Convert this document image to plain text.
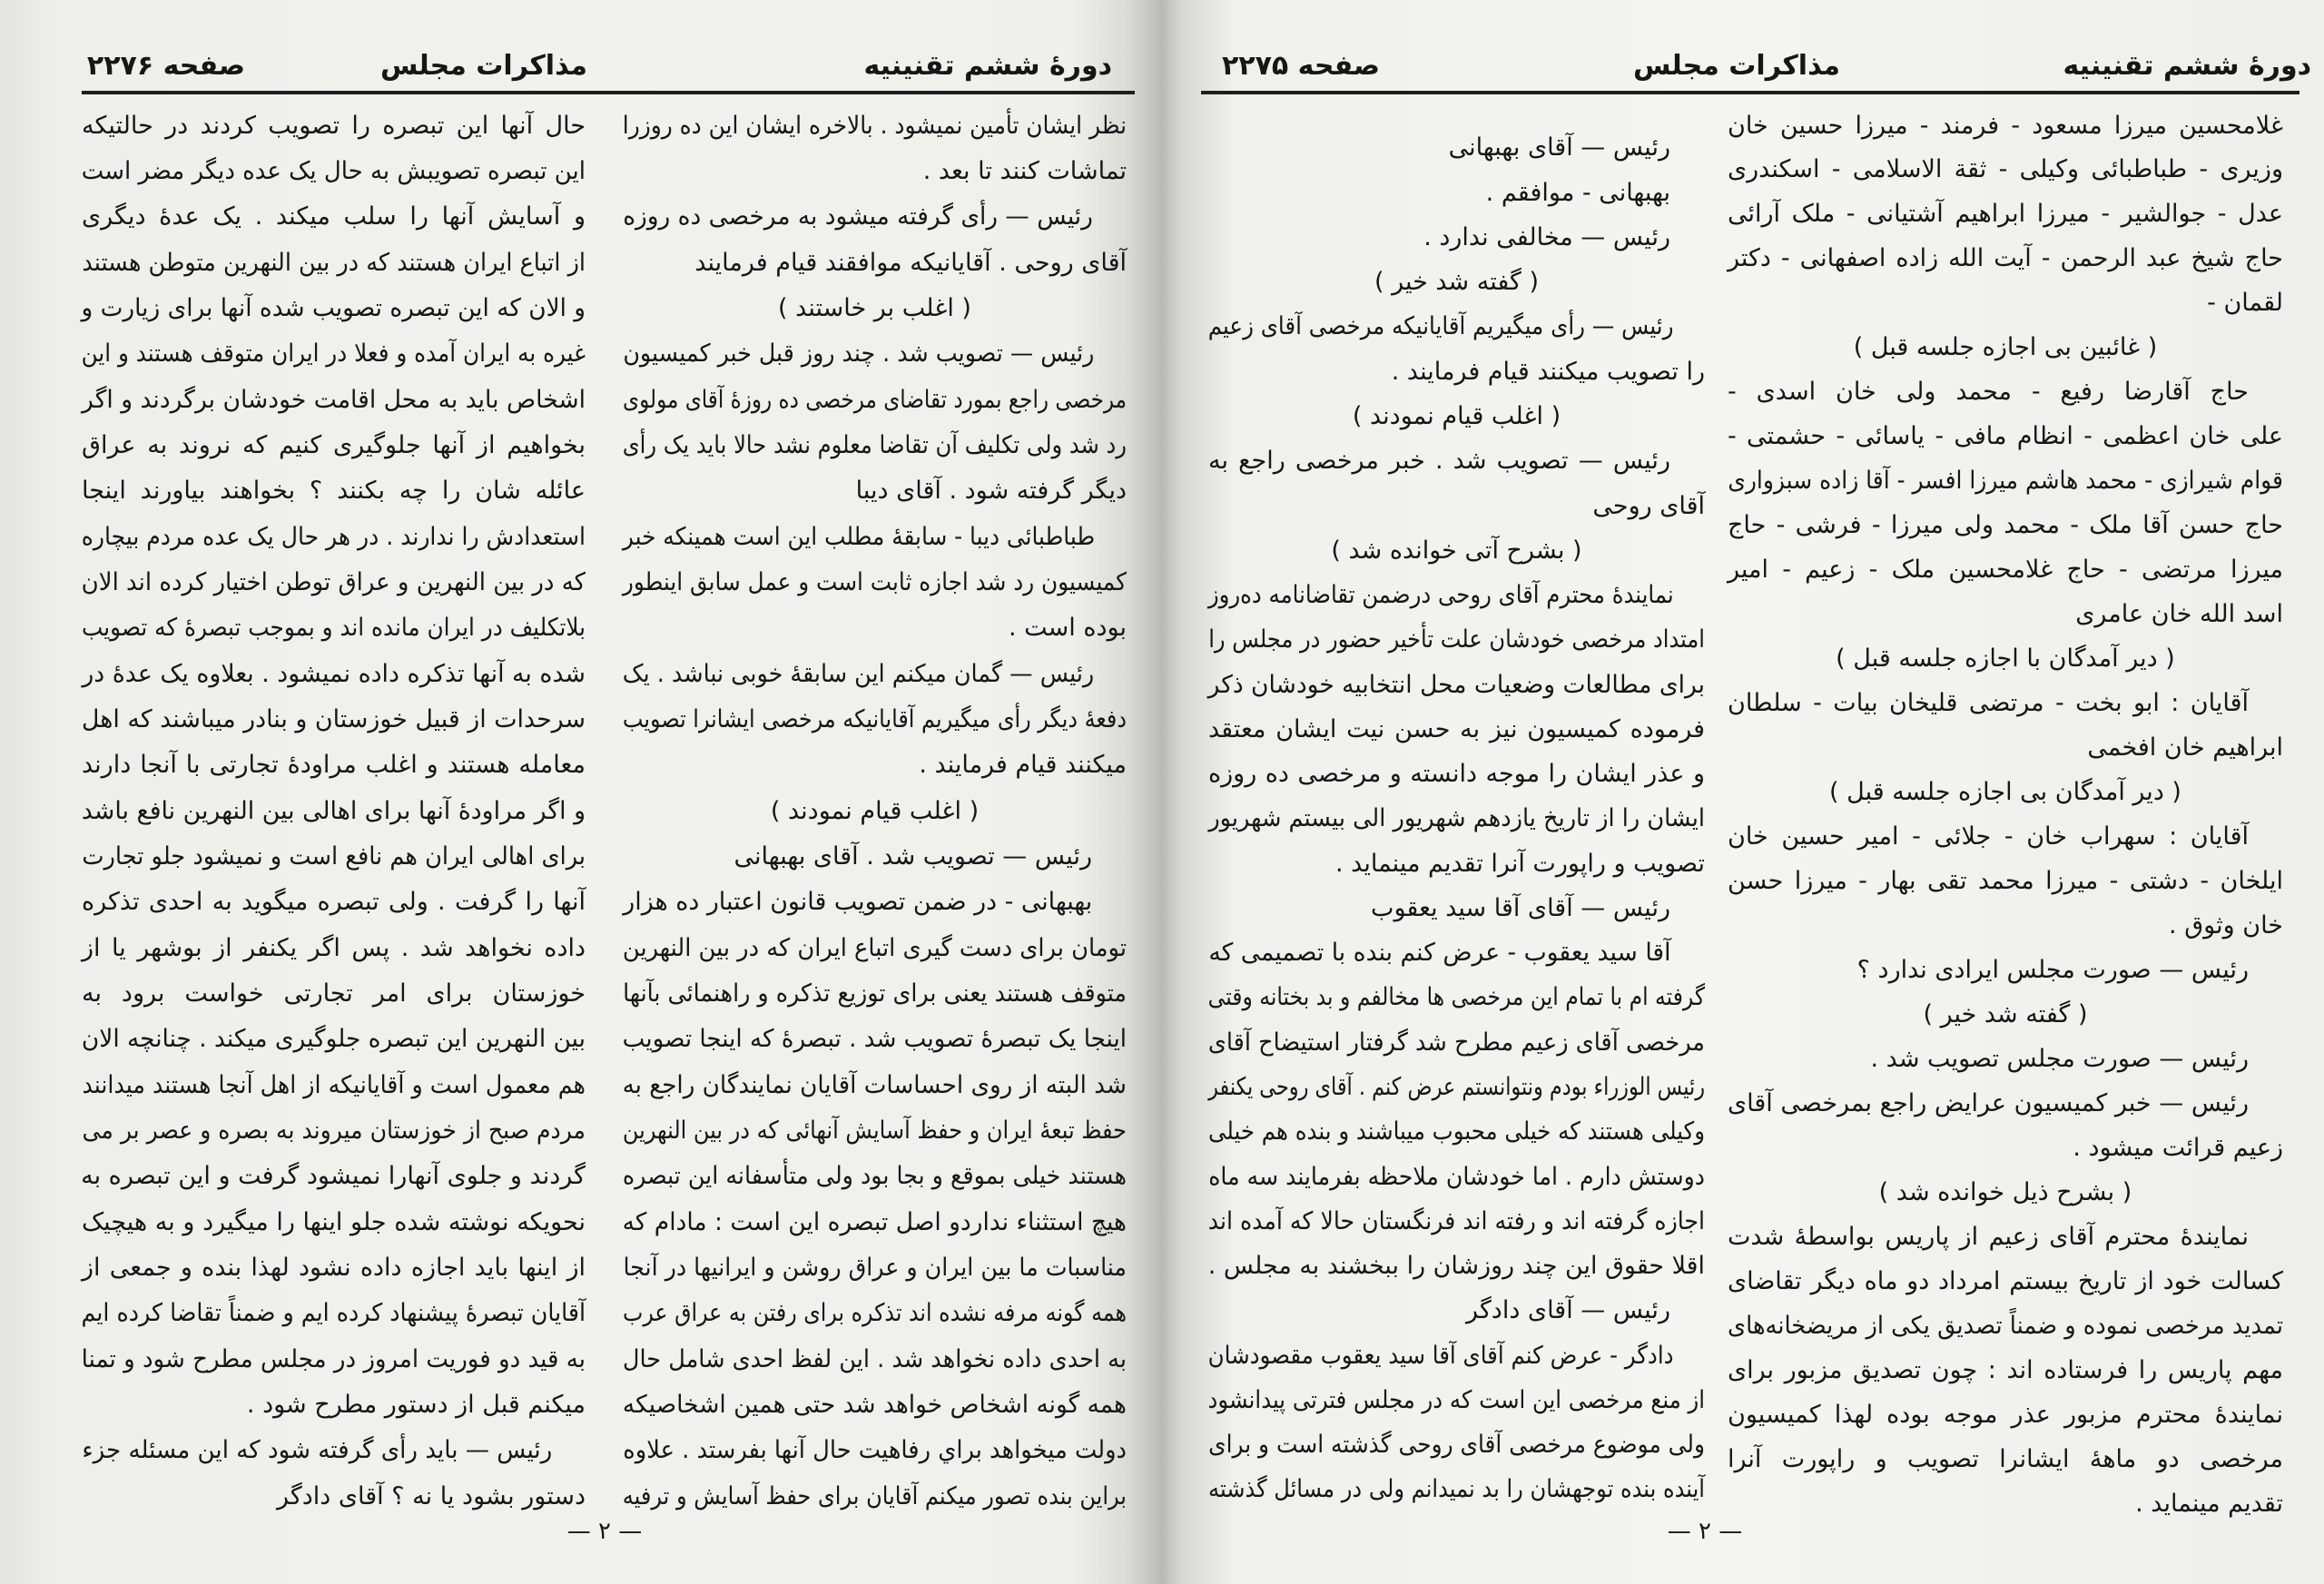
صفحه ۲۲۷۶	مذاکرات مجلس	دورهٔ ششم تقنینیه
نظر ایشان تأمین نمیشود . بالاخره ایشان این ده روزرا
تماشات کنند تا بعد .
رئیس — رأی گرفته میشود به مرخصی ده روزه
آقای روحی . آقایانیکه موافقند قیام فرمایند
( اغلب بر خاستند )
رئیس — تصویب شد . چند روز قبل خبر کمیسیون
مرخصی راجع بمورد تقاضای مرخصی ده روزهٔ آقای مولوی
رد شد ولی تکلیف آن تقاضا معلوم نشد حالا باید یک رأی
دیگر گرفته شود . آقای دیبا
طباطبائی دیبا - سابقهٔ مطلب این است همینکه خبر
کمیسیون رد شد اجازه ثابت است و عمل سابق اینطور
بوده است .
رئیس — گمان میکنم این سابقهٔ خوبی نباشد . یک
دفعهٔ دیگر رأی میگیریم آقایانیکه مرخصی ایشانرا تصویب
میکنند قیام فرمایند .
( اغلب قیام نمودند )
رئیس — تصویب شد . آقای بهبهانی
بهبهانی - در ضمن تصویب قانون اعتبار ده هزار
تومان برای دست گیری اتباع ایران که در بین النهرین
متوقف هستند یعنی برای توزیع تذکره و راهنمائی بآنها
اینجا یک تبصرهٔ تصویب شد . تبصرهٔ که اینجا تصویب
شد البته از روی احساسات آقایان نمایندگان راجع به
حفظ تبعهٔ ایران و حفظ آسایش آنهائی که در بین النهرین
هستند خیلی بموقع و بجا بود ولی متأسفانه این تبصره
هیچ استثناء نداردو اصل تبصره این است : مادام که
مناسبات ما بین ایران و عراق روشن و ایرانیها در آنجا
همه گونه مرفه نشده اند تذکره برای رفتن به عراق عرب
به احدی داده نخواهد شد . این لفظ احدی شامل حال
همه گونه اشخاص خواهد شد حتی همین اشخاصیکه
دولت میخواهد براي رفاهیت حال آنها بفرستد . علاوه
براین بنده تصور میکنم آقایان برای حفظ آسایش و ترفیه
حال آنها این تبصره را تصویب کردند در حالتیکه
این تبصره تصویبش به حال یک عده دیگر مضر است
و آسایش آنها را سلب میکند . یک عدهٔ دیگری
از اتباع ایران هستند که در بین النهرین متوطن هستند
و الان که این تبصره تصویب شده آنها برای زیارت و
غیره به ایران آمده و فعلا در ایران متوقف هستند و این
اشخاص باید به محل اقامت خودشان برگردند و اگر
بخواهیم از آنها جلوگیری کنیم که نروند به عراق
عائله شان را چه بکنند ؟ بخواهند بیاورند اینجا
استعدادش را ندارند . در هر حال یک عده مردم بیچاره
که در بین النهرین و عراق توطن اختیار کرده اند الان
بلاتکلیف در ایران مانده اند و بموجب تبصرهٔ که تصویب
شده به آنها تذکره داده نمیشود . بعلاوه یک عدهٔ در
سرحدات از قبیل خوزستان و بنادر میباشند که اهل
معامله هستند و اغلب مراودهٔ تجارتی با آنجا دارند
و اگر مراودهٔ آنها برای اهالی بین النهرین نافع باشد
برای اهالی ایران هم نافع است و نمیشود جلو تجارت
آنها را گرفت . ولی تبصره میگوید به احدی تذکره
داده نخواهد شد . پس اگر یکنفر از بوشهر یا از
خوزستان برای امر تجارتی خواست برود به
بین النهرین این تبصره جلوگیری میکند . چنانچه الان
هم معمول است و آقایانیکه از اهل آنجا هستند میدانند
مردم صبح از خوزستان میروند به بصره و عصر بر می
گردند و جلوی آنهارا نمیشود گرفت و این تبصره به
نحویکه نوشته شده جلو اینها را میگیرد و به هیچیک
از اینها باید اجازه داده نشود لهذا بنده و جمعی از
آقایان تبصرهٔ پیشنهاد کرده ایم و ضمناً تقاضا کرده ایم
به قید دو فوریت امروز در مجلس مطرح شود و تمنا
میکنم قبل از دستور مطرح شود .
رئیس — باید رأی گرفته شود که این مسئله جزء
دستور بشود یا نه ؟ آقای دادگر
— ۲ —
صفحه ۲۲۷۵	مذاکرات مجلس	دورهٔ ششم تقنینیه
غلامحسین میرزا مسعود - فرمند - میرزا حسین خان
وزیری - طباطبائی وکیلی - ثقة الاسلامی - اسکندری
عدل - جوالشیر - میرزا ابراهیم آشتیانی - ملک آرائی
حاج شیخ عبد الرحمن - آیت الله زاده اصفهانی - دکتر
لقمان -
( غائبین بی اجازه جلسه قبل )
حاج آقارضا رفیع - محمد ولی خان اسدی -
علی خان اعظمی - انظام مافی - یاسائی - حشمتی -
قوام شیرازی - محمد هاشم میرزا افسر - آقا زاده سبزواری
حاج حسن آقا ملک - محمد ولی میرزا - فرشی - حاج
میرزا مرتضی - حاج غلامحسین ملک - زعیم - امیر
اسد الله خان عامری
( دیر آمدگان با اجازه جلسه قبل )
آقایان : ابو بخت - مرتضی قلیخان بیات - سلطان
ابراهیم خان افخمی
( دیر آمدگان بی اجازه جلسه قبل )
آقایان : سهراب خان - جلائی - امیر حسین خان
ایلخان - دشتی - میرزا محمد تقی بهار - میرزا حسن
خان وثوق .
رئیس — صورت مجلس ایرادی ندارد ؟
( گفته شد خیر )
رئیس — صورت مجلس تصویب شد .
رئیس — خبر کمیسیون عرایض راجع بمرخصی آقای
زعیم قرائت میشود .
( بشرح ذیل خوانده شد )
نمایندهٔ محترم آقای زعیم از پاریس بواسطهٔ شدت
کسالت خود از تاریخ بیستم امرداد دو ماه دیگر تقاضای
تمدید مرخصی نموده و ضمناً تصدیق یکی از مریضخانه‌های
مهم پاریس را فرستاده اند : چون تصدیق مزبور برای
نمایندهٔ محترم مزبور عذر موجه بوده لهذا کمیسیون
مرخصی دو ماههٔ ایشانرا تصویب و راپورت آنرا
تقدیم مینماید .
رئیس — آقای بهبهانی
بهبهانی - موافقم .
رئیس — مخالفی ندارد .
( گفته شد خیر )
رئیس — رأی میگیریم آقایانیکه مرخصی آقای زعیم
را تصویب میکنند قیام فرمایند .
( اغلب قیام نمودند )
رئیس — تصویب شد . خبر مرخصی راجع به
آقای روحی
( بشرح آتی خوانده شد )
نمایندهٔ محترم آقای روحی درضمن تقاضانامه ده‌روز
امتداد مرخصی خودشان علت تأخیر حضور در مجلس را
برای مطالعات وضعیات محل انتخابیه خودشان ذکر
فرموده کمیسیون نیز به حسن نیت ایشان معتقد
و عذر ایشان را موجه دانسته و مرخصی ده روزه
ایشان را از تاریخ یازدهم شهریور الی بیستم شهریور
تصویب و راپورت آنرا تقدیم مینماید .
رئیس — آقای آقا سید یعقوب
آقا سید یعقوب - عرض کنم بنده با تصمیمی که
گرفته ام با تمام این مرخصی ها مخالفم و بد بختانه وقتی
مرخصی آقای زعیم مطرح شد گرفتار استیضاح آقای
رئیس الوزراء بودم ونتوانستم عرض کنم . آقای روحی یکنفر
وکیلی هستند که خیلی محبوب میباشند و بنده هم خیلی
دوستش دارم . اما خودشان ملاحظه بفرمایند سه ماه
اجازه گرفته اند و رفته اند فرنگستان حالا که آمده اند
اقلا حقوق این چند روزشان را ببخشند به مجلس .
رئیس — آقای دادگر
دادگر - عرض کنم آقای آقا سید یعقوب مقصودشان
از منع مرخصی این است که در مجلس فترتی پیدانشود
ولی موضوع مرخصی آقای روحی گذشته است و برای
آینده بنده توجهشان را بد نمیدانم ولی در مسائل گذشته
— ۲ —
